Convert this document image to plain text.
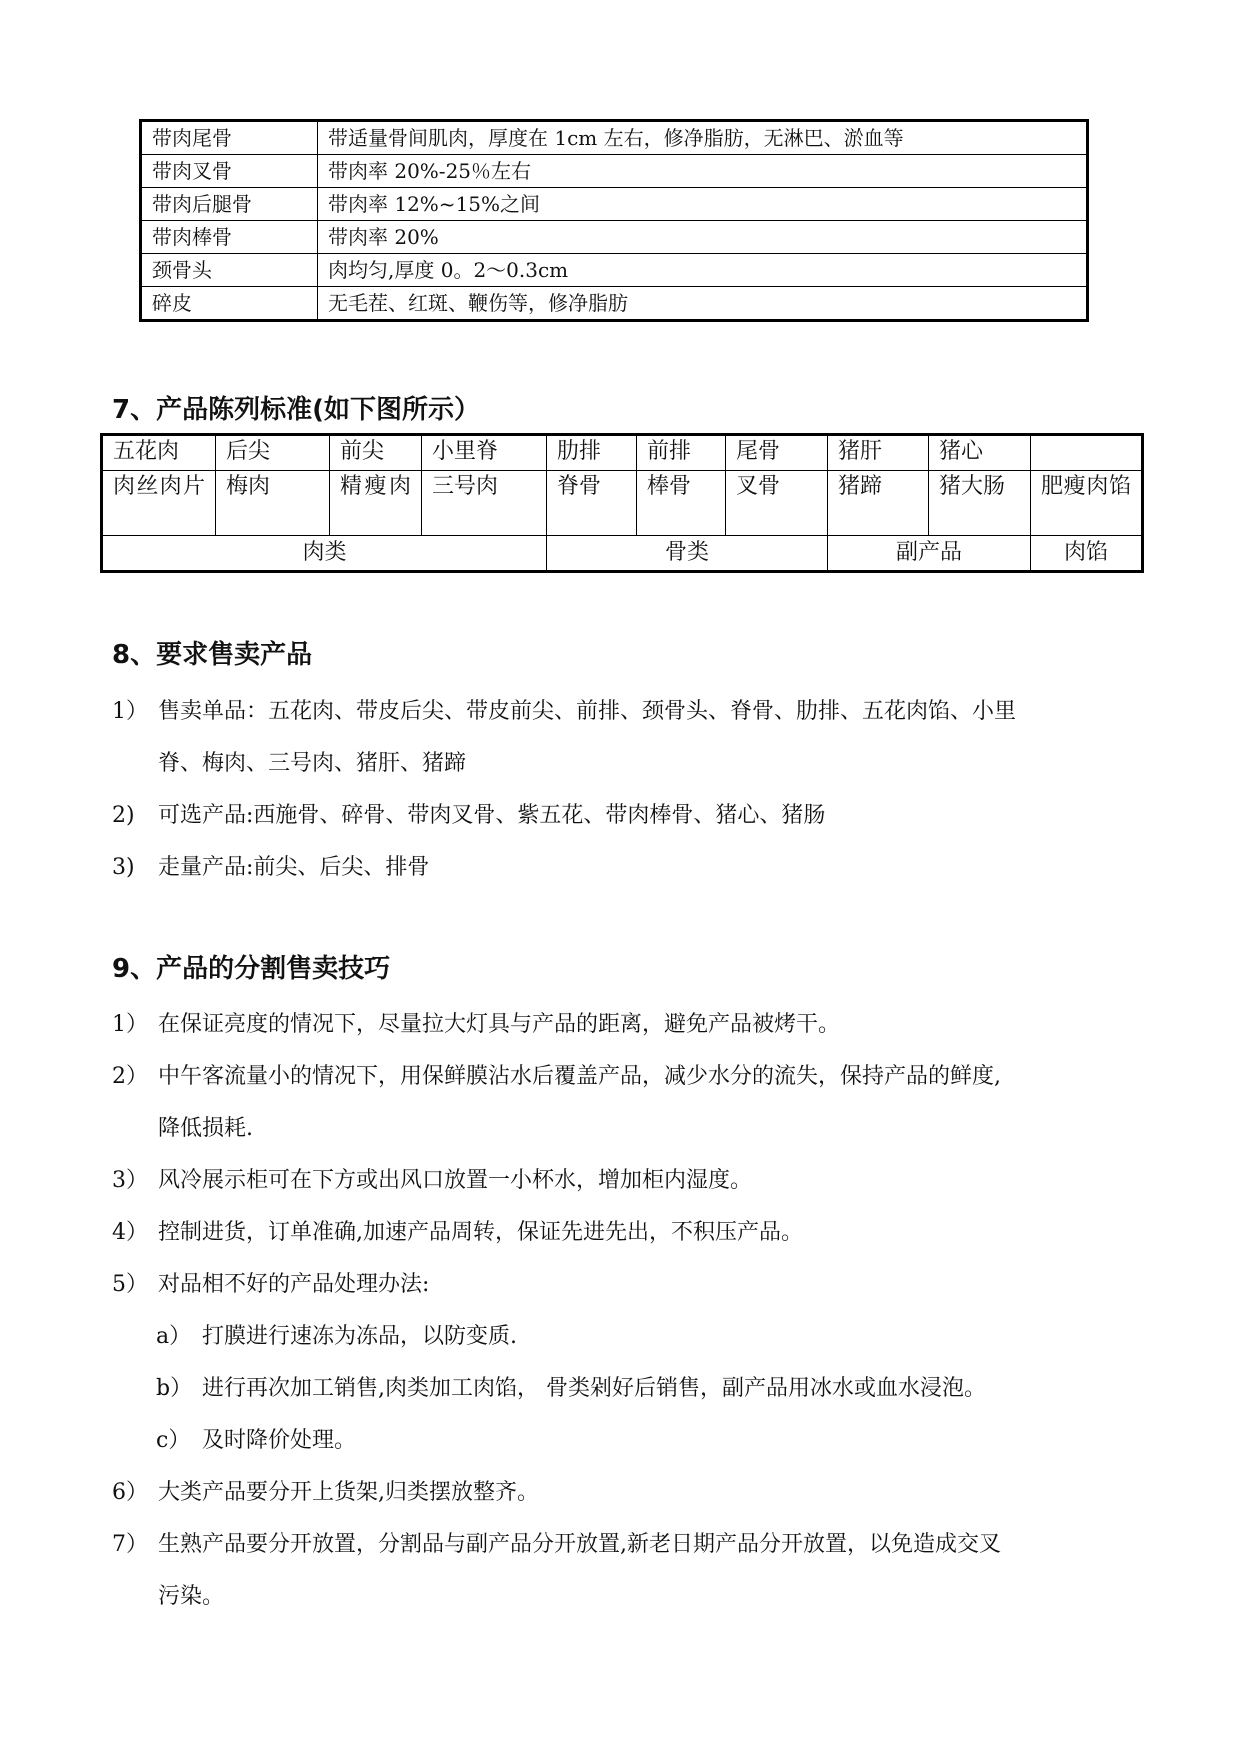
带肉尾骨	带适量骨间肌肉，厚度在 1cm 左右，修净脂肪，无淋巴、淤血等
带肉叉骨	带肉率 20%-25％左右
带肉后腿骨	带肉率 12%~15%之间
带肉棒骨	带肉率 20%
颈骨头	肉均匀,厚度 0。2～0.3cm
碎皮	无毛茬、红斑、鞭伤等，修净脂肪
7、产品陈列标准(如下图所示）
五花肉	后尖	前尖	小里脊	肋排	前排	尾骨	猪肝	猪心	
肉丝肉片	梅肉	精瘦肉	三号肉	脊骨	棒骨	叉骨	猪蹄	猪大肠	肥瘦肉馅
肉类				骨类			副产品		肉馅
8、要求售卖产品
1） 售卖单品：五花肉、带皮后尖、带皮前尖、前排、颈骨头、脊骨、肋排、五花肉馅、小里
脊、梅肉、三号肉、猪肝、猪蹄
2) 可选产品:西施骨、碎骨、带肉叉骨、紫五花、带肉棒骨、猪心、猪肠
3) 走量产品:前尖、后尖、排骨
9、产品的分割售卖技巧
1） 在保证亮度的情况下，尽量拉大灯具与产品的距离，避免产品被烤干。
2） 中午客流量小的情况下，用保鲜膜沾水后覆盖产品，减少水分的流失，保持产品的鲜度,
降低损耗.
3） 风冷展示柜可在下方或出风口放置一小杯水，增加柜内湿度。
4） 控制进货，订单准确,加速产品周转，保证先进先出，不积压产品。
5） 对品相不好的产品处理办法:
a） 打膜进行速冻为冻品，以防变质.
b） 进行再次加工销售,肉类加工肉馅， 骨类剁好后销售，副产品用冰水或血水浸泡。
c） 及时降价处理。
6） 大类产品要分开上货架,归类摆放整齐。
7） 生熟产品要分开放置，分割品与副产品分开放置,新老日期产品分开放置，以免造成交叉
污染。
